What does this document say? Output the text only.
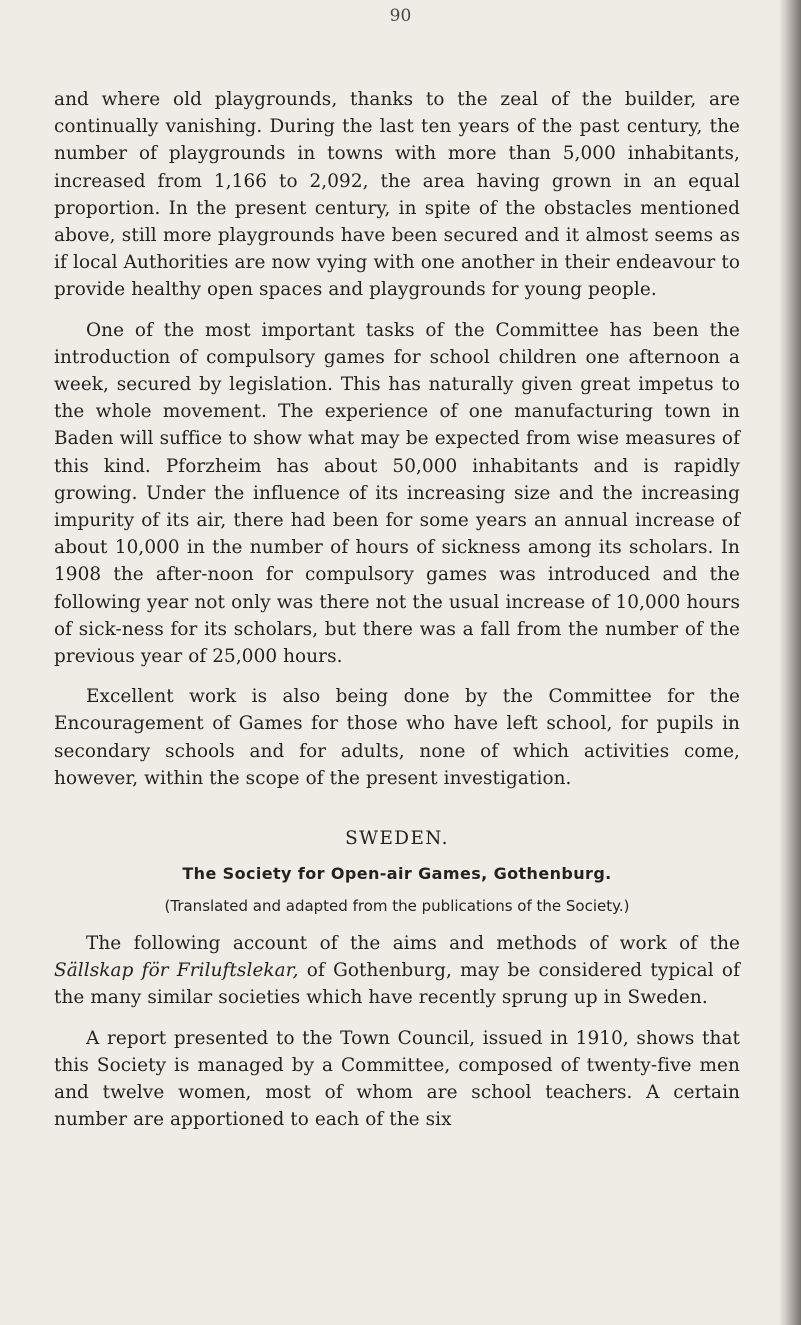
90

and where old playgrounds, thanks to the zeal of the builder, are continually vanishing. During the last ten years of the past century, the number of playgrounds in towns with more than 5,000 inhabitants, increased from 1,166 to 2,092, the area having grown in an equal proportion. In the present century, in spite of the obstacles mentioned above, still more playgrounds have been secured and it almost seems as if local Authorities are now vying with one another in their endeavour to provide healthy open spaces and playgrounds for young people.

One of the most important tasks of the Committee has been the introduction of compulsory games for school children one afternoon a week, secured by legislation. This has naturally given great impetus to the whole movement. The experience of one manufacturing town in Baden will suffice to show what may be expected from wise measures of this kind. Pforzheim has about 50,000 inhabitants and is rapidly growing. Under the influence of its increasing size and the increasing impurity of its air, there had been for some years an annual increase of about 10,000 in the number of hours of sickness among its scholars. In 1908 the after-noon for compulsory games was introduced and the following year not only was there not the usual increase of 10,000 hours of sick-ness for its scholars, but there was a fall from the number of the previous year of 25,000 hours.

Excellent work is also being done by the Committee for the Encouragement of Games for those who have left school, for pupils in secondary schools and for adults, none of which activities come, however, within the scope of the present investigation.

SWEDEN.
The Society for Open-air Games, Gothenburg.
(Translated and adapted from the publications of the Society.)

The following account of the aims and methods of work of the Sällskap för Friluftslekar, of Gothenburg, may be considered typical of the many similar societies which have recently sprung up in Sweden.

A report presented to the Town Council, issued in 1910, shows that this Society is managed by a Committee, composed of twenty-five men and twelve women, most of whom are school teachers. A certain number are apportioned to each of the six
